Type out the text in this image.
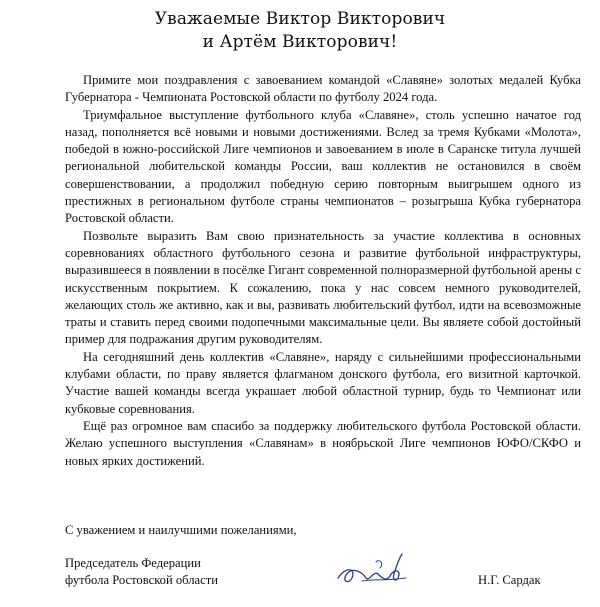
Уважаемые Виктор Викторович
и Артём Викторович!

Примите мои поздравления с завоеванием командой «Славяне» золотых медалей Кубка Губернатора - Чемпионата Ростовской области по футболу 2024 года.

Триумфальное выступление футбольного клуба «Славяне», столь успешно начатое год назад, пополняется всё новыми и новыми достижениями. Вслед за тремя Кубками «Молота», победой в южно-российской Лиге чемпионов и завоеванием в июле в Саранске титула лучшей региональной любительской команды России, ваш коллектив не остановился в своём совершенствовании, а продолжил победную серию повторным выигрышем одного из престижных в региональном футболе страны чемпионатов – розыгрыша Кубка губернатора Ростовской области.

Позвольте выразить Вам свою признательность за участие коллектива в основных соревнованиях областного футбольного сезона и развитие футбольной инфраструктуры, выразившееся в появлении в посёлке Гигант современной полноразмерной футбольной арены с искусственным покрытием. К сожалению, пока у нас совсем немного руководителей, желающих столь же активно, как и вы, развивать любительский футбол, идти на всевозможные траты и ставить перед своими подопечными максимальные цели. Вы являете собой достойный пример для подражания другим руководителям.

На сегодняшний день коллектив «Славяне», наряду с сильнейшими профессиональными клубами области, по праву является флагманом донского футбола, его визитной карточкой. Участие вашей команды всегда украшает любой областной турнир, будь то Чемпионат или кубковые соревнования.

Ещё раз огромное вам спасибо за поддержку любительского футбола Ростовской области. Желаю успешного выступления «Славянам» в ноябрьской Лиге чемпионов ЮФО/СКФО и новых ярких достижений.

С уважением и наилучшими пожеланиями,

Председатель Федерации
футбола Ростовской области	Н.Г. Сардак
